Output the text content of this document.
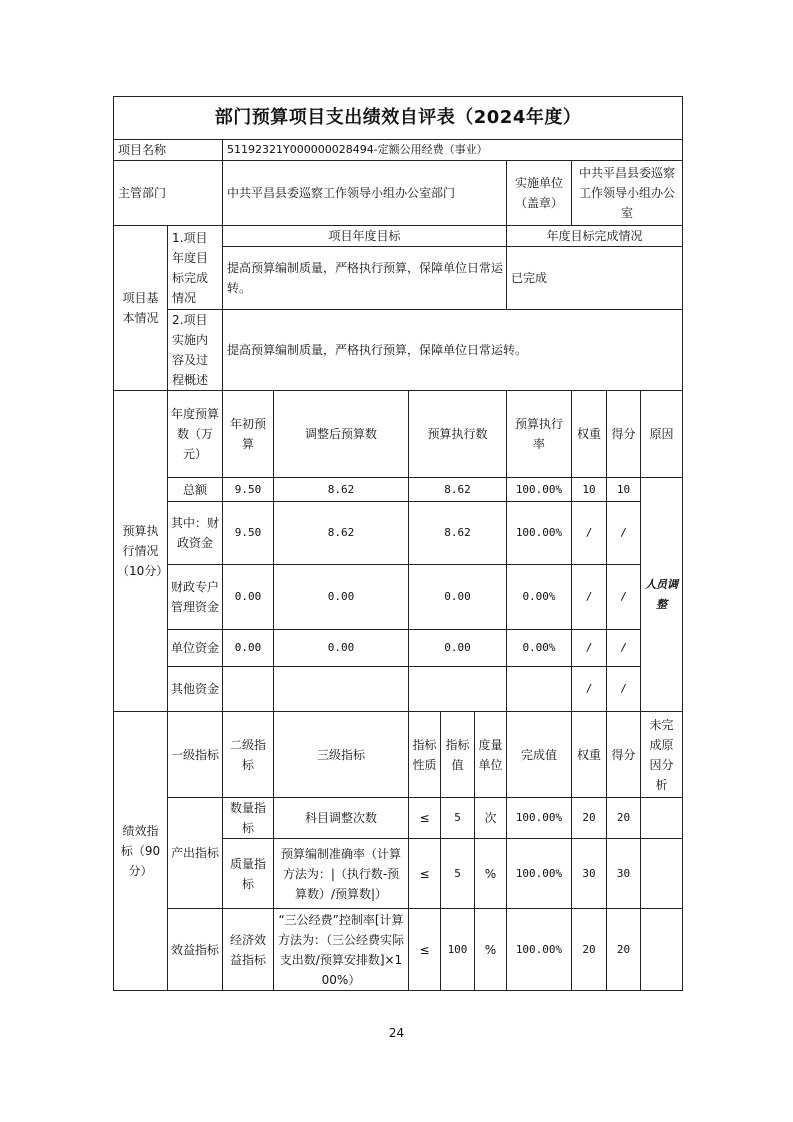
部门预算项目支出绩效自评表（2024年度）										
项目名称		51192321Y000000028494-定额公用经费（事业）								
主管部门		中共平昌县委巡察工作领导小组办公室部门					实施单位（盖章）	中共平昌县委巡察工作领导小组办公室		
项目基本情况	1.项目年度目标完成情况	项目年度目标					年度目标完成情况			
		提高预算编制质量，严格执行预算，保障单位日常运转。					已完成			
	2.项目实施内容及过程概述	提高预算编制质量，严格执行预算，保障单位日常运转。								
预算执行情况（10分）	年度预算数（万元）	年初预算	调整后预算数	预算执行数			预算执行率	权重	得分	原因
	总额	9.50	8.62	8.62			100.00%	10	10	人员调整
	其中：财政资金	9.50	8.62	8.62			100.00%	/	/	
	财政专户管理资金	0.00	0.00	0.00			0.00%	/	/	
	单位资金	0.00	0.00	0.00			0.00%	/	/	
	其他资金							/	/	
绩效指标（90分）	一级指标	二级指标	三级指标	指标性质	指标值	度量单位	完成值	权重	得分	未完成原因分析
	产出指标	数量指标	科目调整次数	≤	5	次	100.00%	20	20	
		质量指标	预算编制准确率（计算方法为：|（执行数-预算数）/预算数|）	≤	5	%	100.00%	30	30	
	效益指标	经济效益指标	“三公经费”控制率[计算方法为：（三公经费实际支出数/预算安排数]×100%）	≤	100	%	100.00%	20	20	
24
